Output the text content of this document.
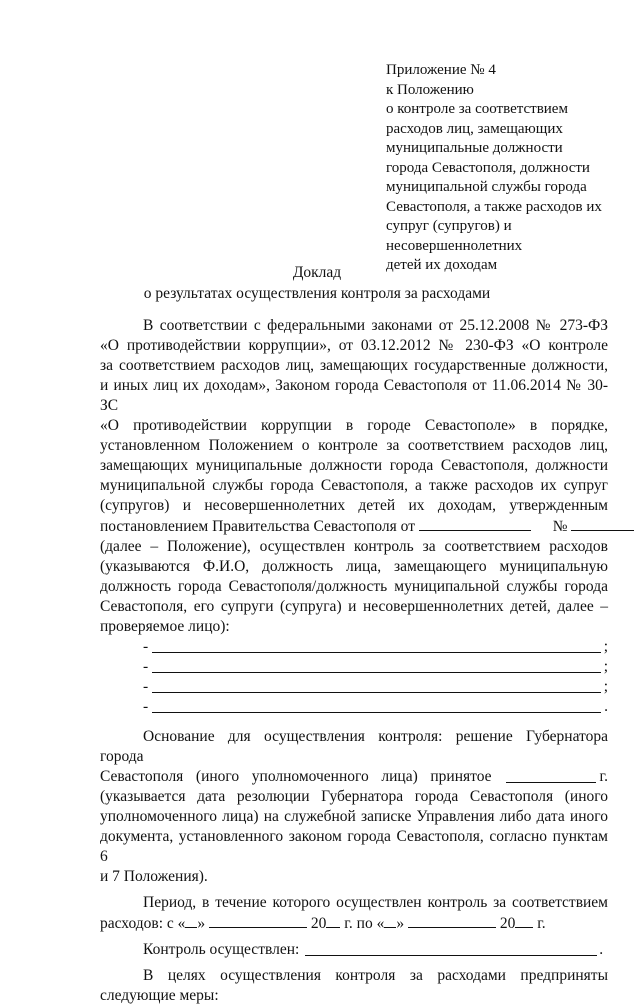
Приложение № 4
к Положению
о контроле за соответствием
расходов лиц, замещающих
муниципальные должности
города Севастополя, должности
муниципальной службы города
Севастополя, а также расходов их
супруг (супругов) и
несовершеннолетних
детей их доходам
Доклад
о результатах осуществления контроля за расходами
В соответствии с федеральными законами от 25.12.2008 № 273-ФЗ
«О противодействии коррупции», от 03.12.2012 № 230-ФЗ «О контроле
за соответствием расходов лиц, замещающих государственные должности,
и иных лиц их доходам», Законом города Севастополя от 11.06.2014 № 30-ЗС
«О противодействии коррупции в городе Севастополе» в порядке,
установленном Положением о контроле за соответствием расходов лиц,
замещающих муниципальные должности города Севастополя, должности
муниципальной службы города Севастополя, а также расходов их супруг
(супругов) и несовершеннолетних детей их доходам, утвержденным
постановлением Правительства Севастополя от	№
(далее – Положение), осуществлен контроль за соответствием расходов
(указываются Ф.И.О, должность лица, замещающего муниципальную
должность города Севастополя/должность муниципальной службы города
Севастополя, его супруги (супруга) и несовершеннолетних детей, далее –
проверяемое лицо):
-	;
-	;
-	;
-	.
Основание для осуществления контроля: решение Губернатора города
Севастополя (иного уполномоченного лица) принятое	г.
(указывается дата резолюции Губернатора города Севастополя (иного
уполномоченного лица) на служебной записке Управления либо дата иного
документа, установленного законом города Севастополя, согласно пунктам 6
и 7 Положения).
Период, в течение которого осуществлен контроль за соответствием
расходов: с « »	20 г. по « »	20 г.
Контроль осуществлен:	.
В целях осуществления контроля за расходами предприняты
следующие меры:
